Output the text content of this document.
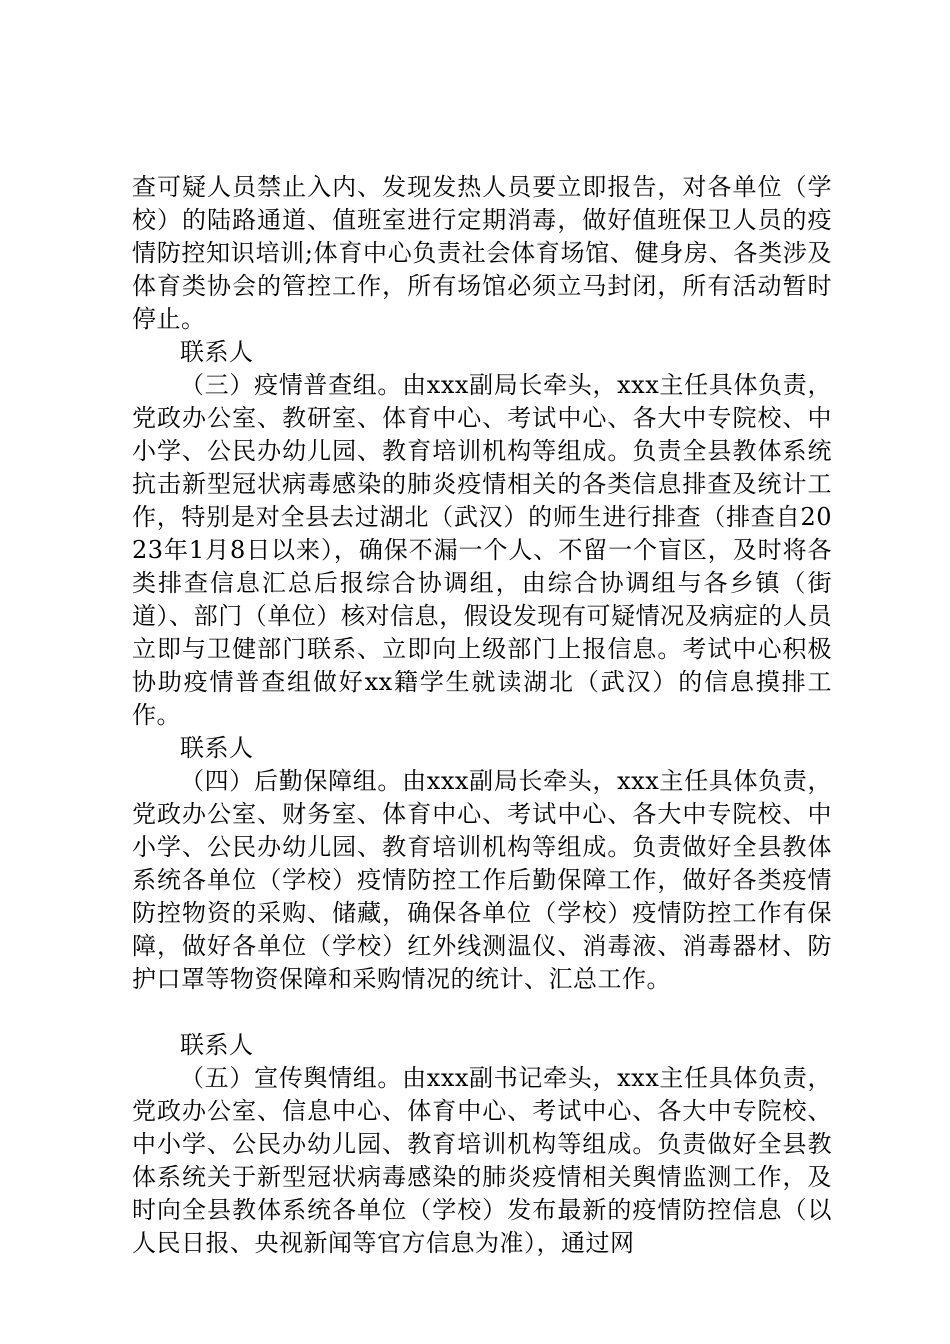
查可疑人员禁止入内、发现发热人员要立即报告，对各单位（学校）的陆路通道、值班室进行定期消毒，做好值班保卫人员的疫情防控知识培训;体育中心负责社会体育场馆、健身房、各类涉及体育类协会的管控工作，所有场馆必须立马封闭，所有活动暂时停止。

联系人

（三）疫情普查组。由xxx副局长牵头，xxx主任具体负责，党政办公室、教研室、体育中心、考试中心、各大中专院校、中小学、公民办幼儿园、教育培训机构等组成。负责全县教体系统抗击新型冠状病毒感染的肺炎疫情相关的各类信息排查及统计工作，特别是对全县去过湖北（武汉）的师生进行排查（排查自2023年1月8日以来），确保不漏一个人、不留一个盲区，及时将各类排查信息汇总后报综合协调组，由综合协调组与各乡镇（街道）、部门（单位）核对信息，假设发现有可疑情况及病症的人员立即与卫健部门联系、立即向上级部门上报信息。考试中心积极协助疫情普查组做好xx籍学生就读湖北（武汉）的信息摸排工作。

联系人

（四）后勤保障组。由xxx副局长牵头，xxx主任具体负责，党政办公室、财务室、体育中心、考试中心、各大中专院校、中小学、公民办幼儿园、教育培训机构等组成。负责做好全县教体系统各单位（学校）疫情防控工作后勤保障工作，做好各类疫情防控物资的采购、储藏，确保各单位（学校）疫情防控工作有保障，做好各单位（学校）红外线测温仪、消毒液、消毒器材、防护口罩等物资保障和采购情况的统计、汇总工作。

联系人

（五）宣传舆情组。由xxx副书记牵头，xxx主任具体负责，党政办公室、信息中心、体育中心、考试中心、各大中专院校、中小学、公民办幼儿园、教育培训机构等组成。负责做好全县教体系统关于新型冠状病毒感染的肺炎疫情相关舆情监测工作，及时向全县教体系统各单位（学校）发布最新的疫情防控信息（以人民日报、央视新闻等官方信息为准），通过网
